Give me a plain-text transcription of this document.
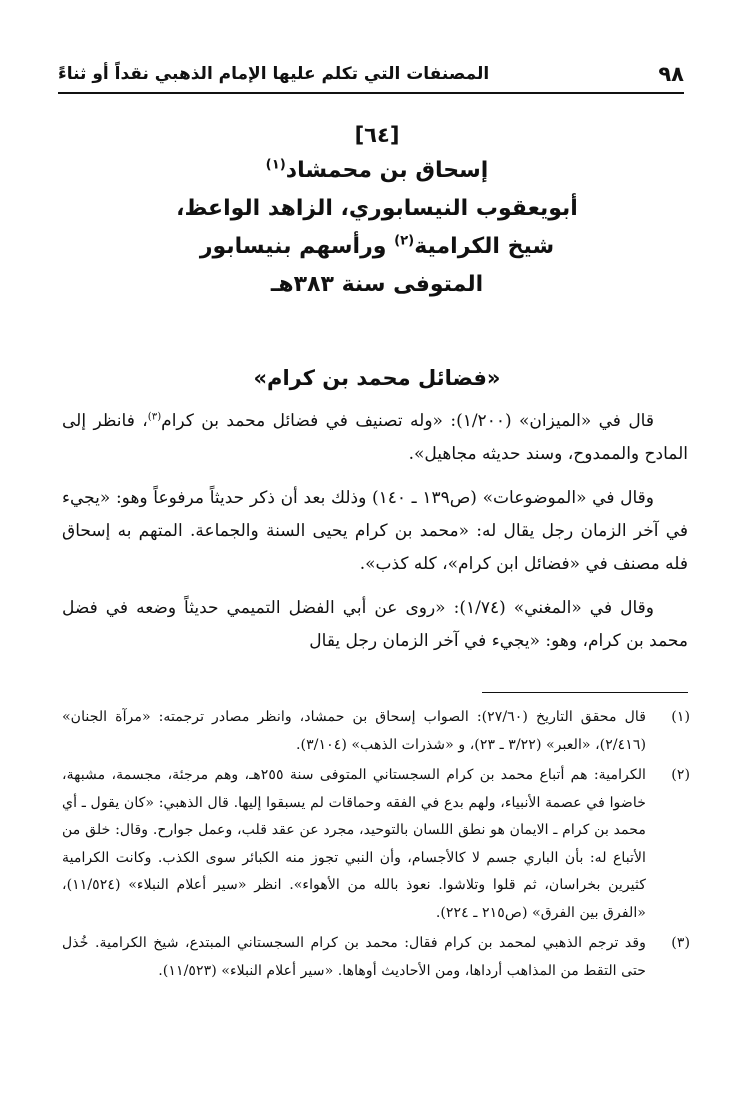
٩٨
المصنفات التي تكلم عليها الإمام الذهبي نقداً أو ثناءً
[٦٤]
إسحاق بن محمشاد$^{(١)}$
أبويعقوب النيسابوري، الزاهد الواعظ،
شيخ الكرامية$^{(٢)}$ ورأسهم بنيسابور
المتوفى سنة ٣٨٣هـ
«فضائل محمد بن كرام»

قال في «الميزان» (١/٢٠٠): «وله تصنيف في فضائل محمد بن كرام$^{(٣)}$، فانظر إلى المادح والممدوح، وسند حديثه مجاهيل».

وقال في «الموضوعات» (ص١٣٩ ـ ١٤٠) وذلك بعد أن ذكر حديثاً مرفوعاً وهو: «يجيء في آخر الزمان رجل يقال له: «محمد بن كرام يحيى السنة والجماعة. المتهم به إسحاق فله مصنف في «فضائل ابن كرام»، كله كذب».

وقال في «المغني» (١/٧٤): «روى عن أبي الفضل التميمي حديثاً وضعه في فضل محمد بن كرام، وهو: «يجيء في آخر الزمان رجل يقال

(١)
قال محقق التاريخ (٢٧/٦٠): الصواب إسحاق بن حمشاد، وانظر مصادر ترجمته: «مرآة الجنان» (٢/٤١٦)، «العبر» (٣/٢٢ ـ ٢٣)، و «شذرات الذهب» (٣/١٠٤).
(٢)
الكرامية: هم أتباع محمد بن كرام السجستاني المتوفى سنة ٢٥٥هـ، وهم مرجئة، مجسمة، مشبهة، خاضوا في عصمة الأنبياء، ولهم بدع في الفقه وحماقات لم يسبقوا إليها. قال الذهبي: «كان يقول ـ أي محمد بن كرام ـ الايمان هو نطق اللسان بالتوحيد، مجرد عن عقد قلب، وعمل جوارح. وقال: خلق من الأتباع له: بأن الباري جسم لا كالأجسام، وأن النبي تجوز منه الكبائر سوى الكذب. وكانت الكرامية كثيرين بخراسان، ثم قلوا وتلاشوا. نعوذ بالله من الأهواء». انظر «سير أعلام النبلاء» (١١/٥٢٤)، «الفرق بين الفرق» (ص٢١٥ ـ ٢٢٤).
(٣)
وقد ترجم الذهبي لمحمد بن كرام فقال: محمد بن كرام السجستاني المبتدع، شيخ الكرامية. خُذل حتى التقط من المذاهب أرداها، ومن الأحاديث أوهاها. «سير أعلام النبلاء» (١١/٥٢٣).
